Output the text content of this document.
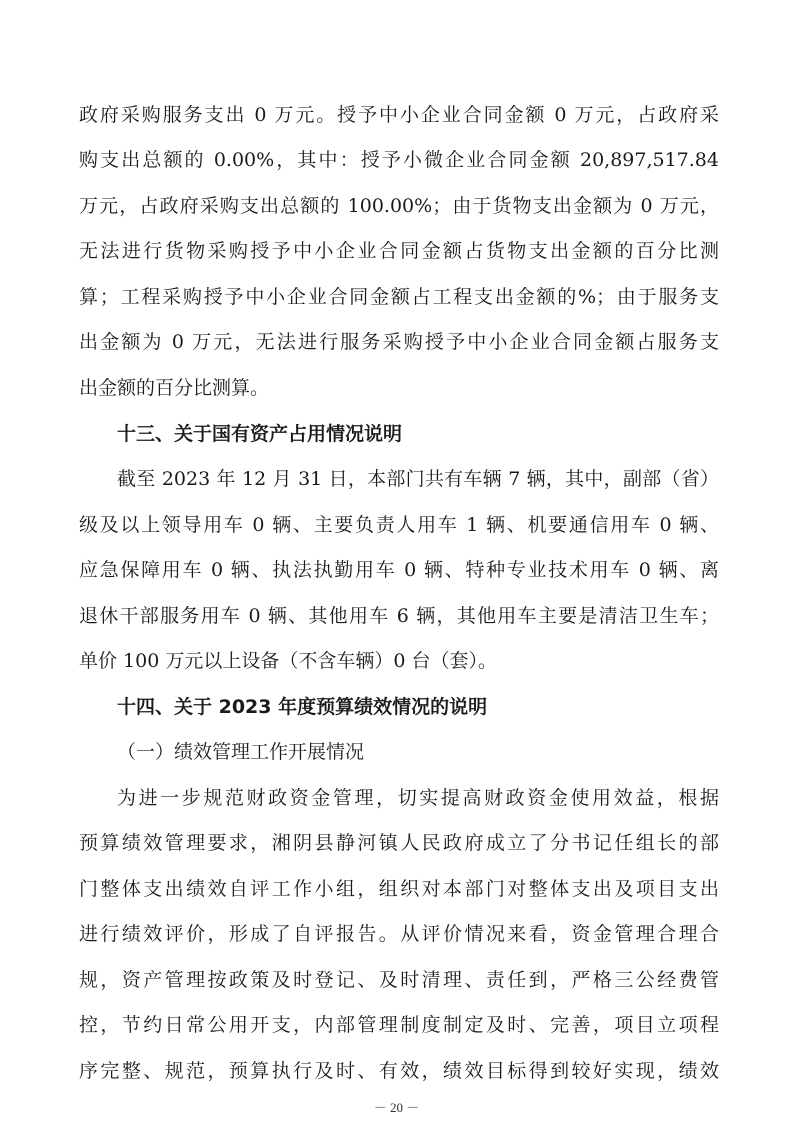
政府采购服务支出 0 万元。授予中小企业合同金额 0 万元，占政府采
购支出总额的 0.00%，其中：授予小微企业合同金额 20,897,517.84
万元，占政府采购支出总额的 100.00%；由于货物支出金额为 0 万元，
无法进行货物采购授予中小企业合同金额占货物支出金额的百分比测
算；工程采购授予中小企业合同金额占工程支出金额的%；由于服务支
出金额为 0 万元，无法进行服务采购授予中小企业合同金额占服务支
出金额的百分比测算。
十三、关于国有资产占用情况说明
截至 2023 年 12 月 31 日，本部门共有车辆 7 辆，其中，副部（省）
级及以上领导用车 0 辆、主要负责人用车 1 辆、机要通信用车 0 辆、
应急保障用车 0 辆、执法执勤用车 0 辆、特种专业技术用车 0 辆、离
退休干部服务用车 0 辆、其他用车 6 辆，其他用车主要是清洁卫生车；
单价 100 万元以上设备（不含车辆）0 台（套）。
十四、关于 2023 年度预算绩效情况的说明
（一）绩效管理工作开展情况
为进一步规范财政资金管理，切实提高财政资金使用效益，根据
预算绩效管理要求，湘阴县静河镇人民政府成立了分书记任组长的部
门整体支出绩效自评工作小组，组织对本部门对整体支出及项目支出
进行绩效评价，形成了自评报告。从评价情况来看，资金管理合理合
规，资产管理按政策及时登记、及时清理、责任到，严格三公经费管
控，节约日常公用开支，内部管理制度制定及时、完善，项目立项程
序完整、规范，预算执行及时、有效，绩效目标得到较好实现，绩效
－ 20 －
